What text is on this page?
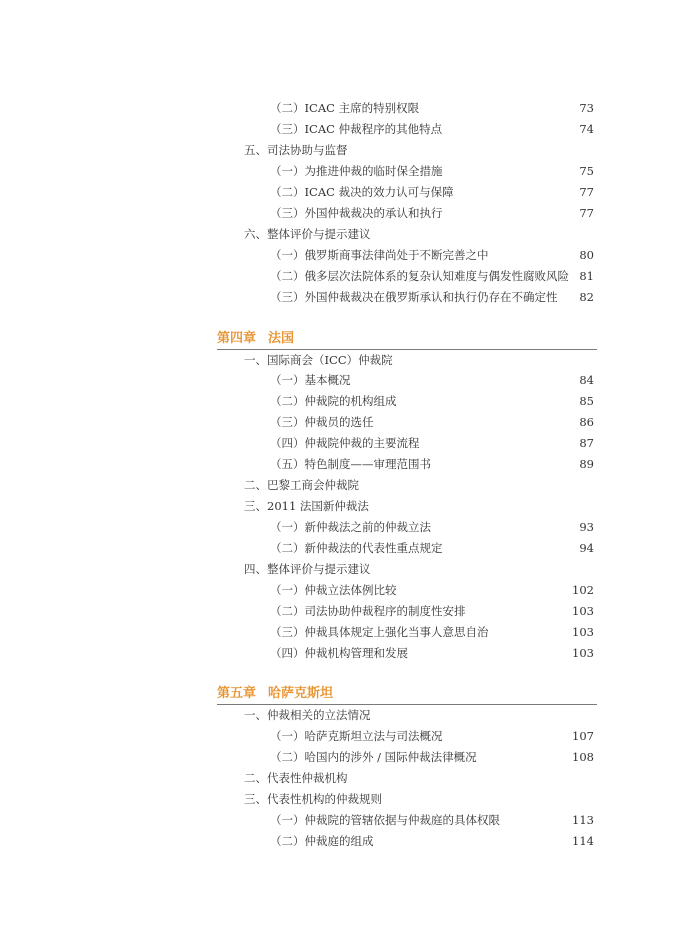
（二）ICAC 主席的特别权限	73
（三）ICAC 仲裁程序的其他特点	74
五、司法协助与监督
（一）为推进仲裁的临时保全措施	75
（二）ICAC 裁决的效力认可与保障	77
（三）外国仲裁裁决的承认和执行	77
六、整体评价与提示建议
（一）俄罗斯商事法律尚处于不断完善之中	80
（二）俄多层次法院体系的复杂认知难度与偶发性腐败风险 81
（三）外国仲裁裁决在俄罗斯承认和执行仍存在不确定性 82
第四章 法国
一、国际商会（ICC）仲裁院
（一）基本概况	84
（二）仲裁院的机构组成	85
（三）仲裁员的选任	86
（四）仲裁院仲裁的主要流程	87
（五）特色制度——审理范围书	89
二、巴黎工商会仲裁院
三、2011 法国新仲裁法
（一）新仲裁法之前的仲裁立法	93
（二）新仲裁法的代表性重点规定	94
四、整体评价与提示建议
（一）仲裁立法体例比较	102
（二）司法协助仲裁程序的制度性安排	103
（三）仲裁具体规定上强化当事人意思自治	103
（四）仲裁机构管理和发展	103
第五章 哈萨克斯坦
一、仲裁相关的立法情况
（一）哈萨克斯坦立法与司法概况	107
（二）哈国内的涉外 / 国际仲裁法律概况	108
二、代表性仲裁机构
三、代表性机构的仲裁规则
（一）仲裁院的管辖依据与仲裁庭的具体权限	113
（二）仲裁庭的组成	114
